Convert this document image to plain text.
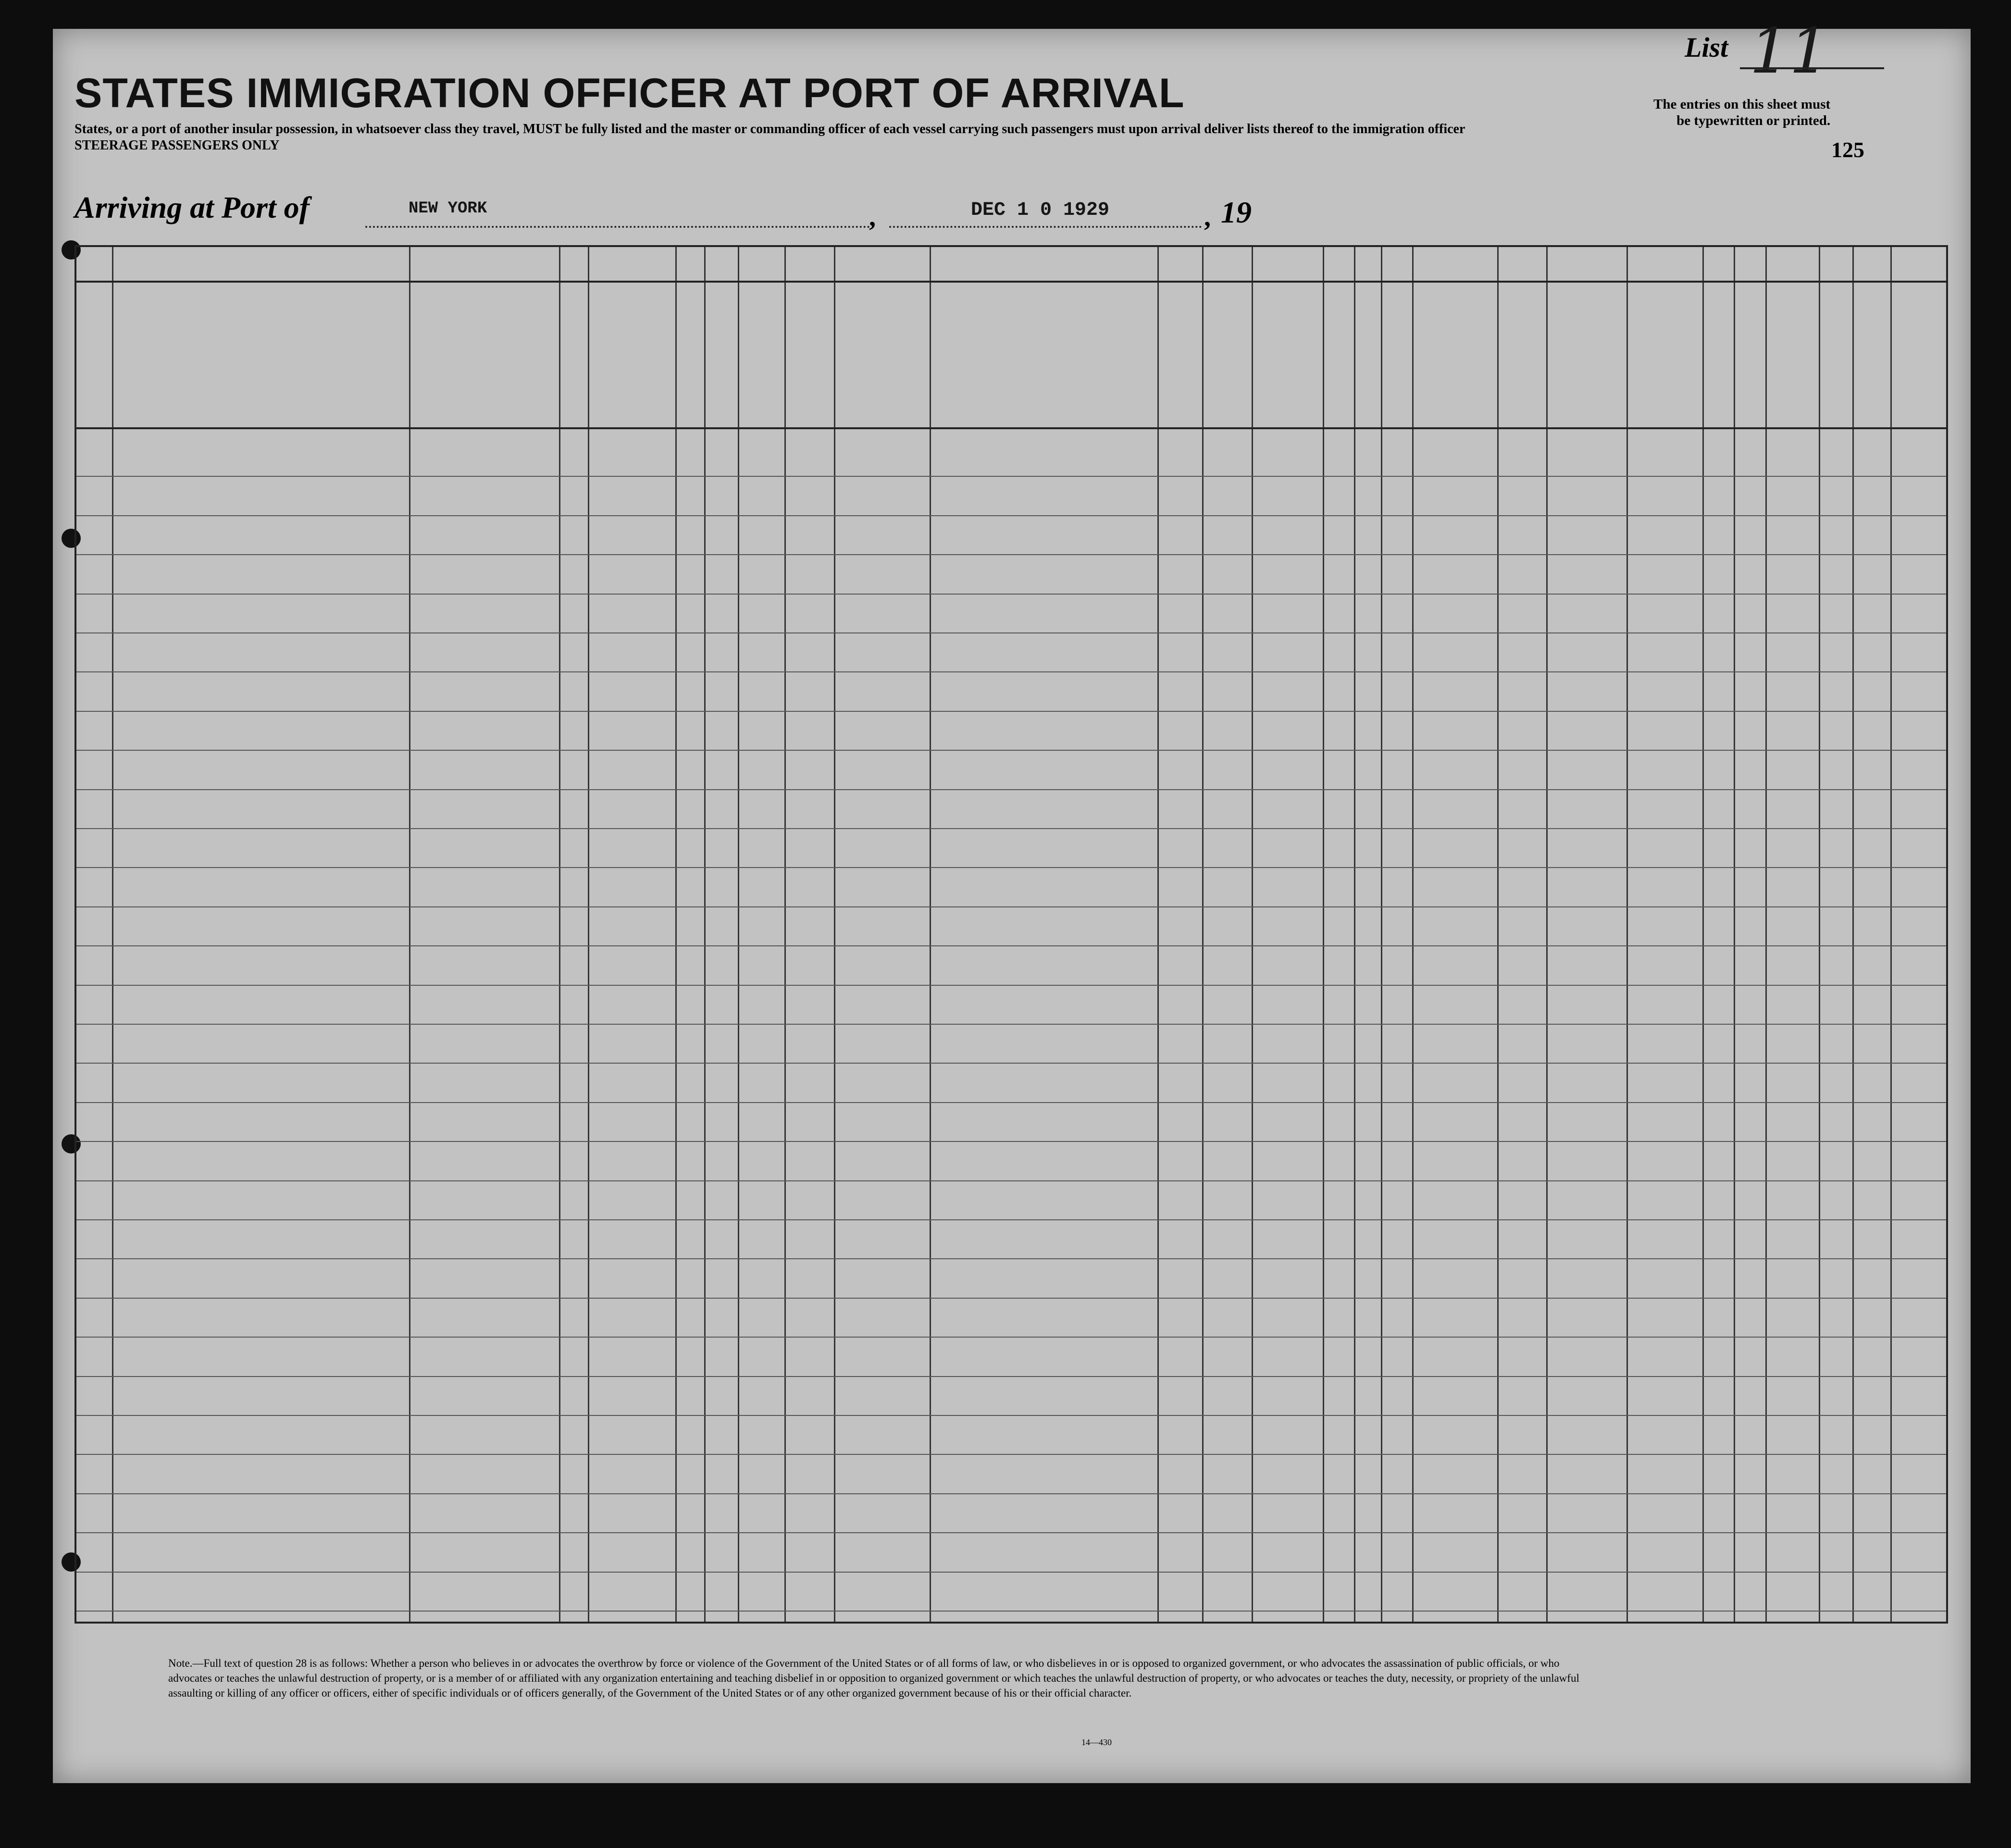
STATES IMMIGRATION OFFICER AT PORT OF ARRIVAL
States, or a port of another insular possession, in whatsoever class they travel, MUST be fully listed and the master or commanding officer of each vessel carrying such passengers must upon arrival deliver lists thereof to the immigration officer
STEERAGE PASSENGERS ONLY
List 11
The entries on this sheet must
be typewritten or printed.
125
Arriving at Port of	NEW YORK	,	DEC 1 0 1929	, 19
Note.—Full text of question 28 is as follows: Whether a person who believes in or advocates the overthrow by force or violence of the Government of the United States or of all forms of law, or who disbelieves in or is opposed to organized government, or who advocates the assassination of public officials, or who advocates or teaches the unlawful destruction of property, or is a member of or affiliated with any organization entertaining and teaching disbelief in or opposition to organized government or which teaches the unlawful destruction of property, or who advocates or teaches the duty, necessity, or propriety of the unlawful assaulting or killing of any officer or officers, either of specific individuals or of officers generally, of the Government of the United States or of any other organized government because of his or their official character.
14—430
